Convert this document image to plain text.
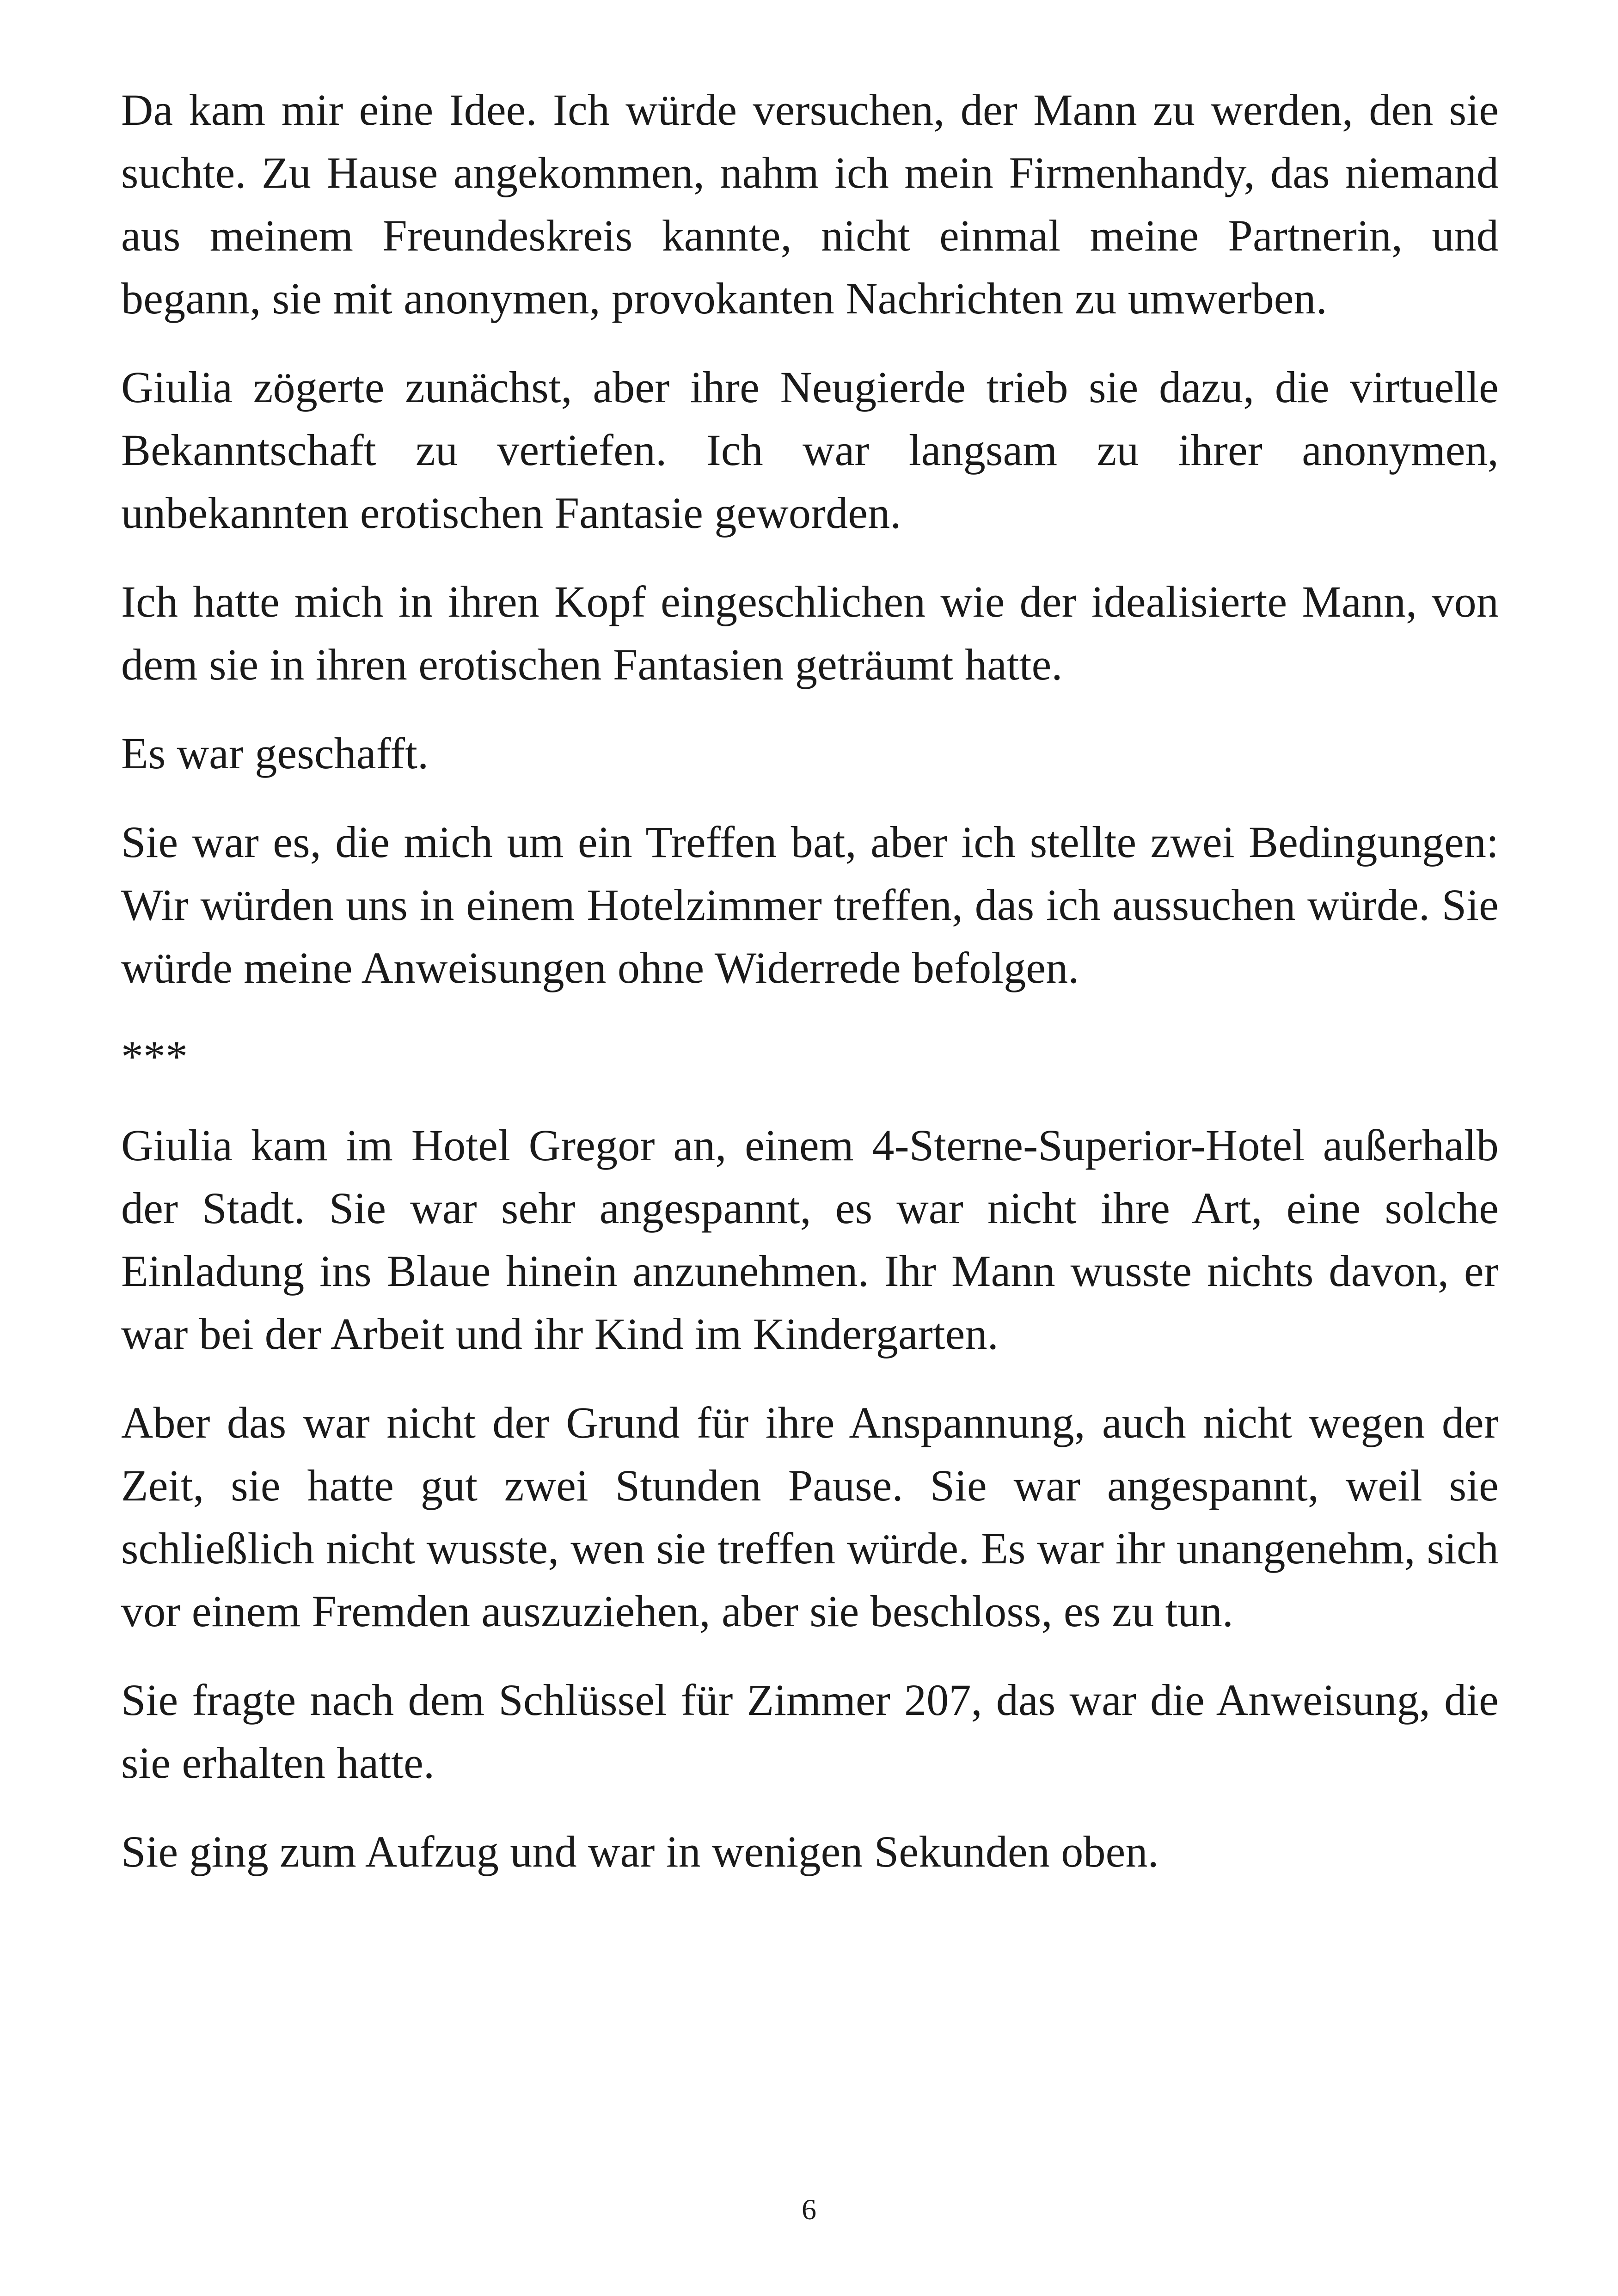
Da kam mir eine Idee. Ich würde versuchen, der Mann zu werden, den sie suchte. Zu Hause angekommen, nahm ich mein Firmenhandy, das niemand aus meinem Freundeskreis kannte, nicht einmal meine Partnerin, und begann, sie mit anonymen, provokanten Nachrichten zu umwerben.

Giulia zögerte zunächst, aber ihre Neugierde trieb sie dazu, die virtuelle Bekanntschaft zu vertiefen. Ich war langsam zu ihrer anonymen, unbekannten erotischen Fantasie geworden.

Ich hatte mich in ihren Kopf eingeschlichen wie der idealisierte Mann, von dem sie in ihren erotischen Fantasien geträumt hatte.

Es war geschafft.

Sie war es, die mich um ein Treffen bat, aber ich stellte zwei Bedingungen: Wir würden uns in einem Hotelzimmer treffen, das ich aussuchen würde. Sie würde meine Anweisungen ohne Widerrede befolgen.

***

Giulia kam im Hotel Gregor an, einem 4-Sterne-Superior-Hotel außerhalb der Stadt. Sie war sehr angespannt, es war nicht ihre Art, eine solche Einladung ins Blaue hinein anzunehmen. Ihr Mann wusste nichts davon, er war bei der Arbeit und ihr Kind im Kindergarten.

Aber das war nicht der Grund für ihre Anspannung, auch nicht wegen der Zeit, sie hatte gut zwei Stunden Pause. Sie war angespannt, weil sie schließlich nicht wusste, wen sie treffen würde. Es war ihr unangenehm, sich vor einem Fremden auszuziehen, aber sie beschloss, es zu tun.

Sie fragte nach dem Schlüssel für Zimmer 207, das war die Anweisung, die sie erhalten hatte.

Sie ging zum Aufzug und war in wenigen Sekunden oben.

6
